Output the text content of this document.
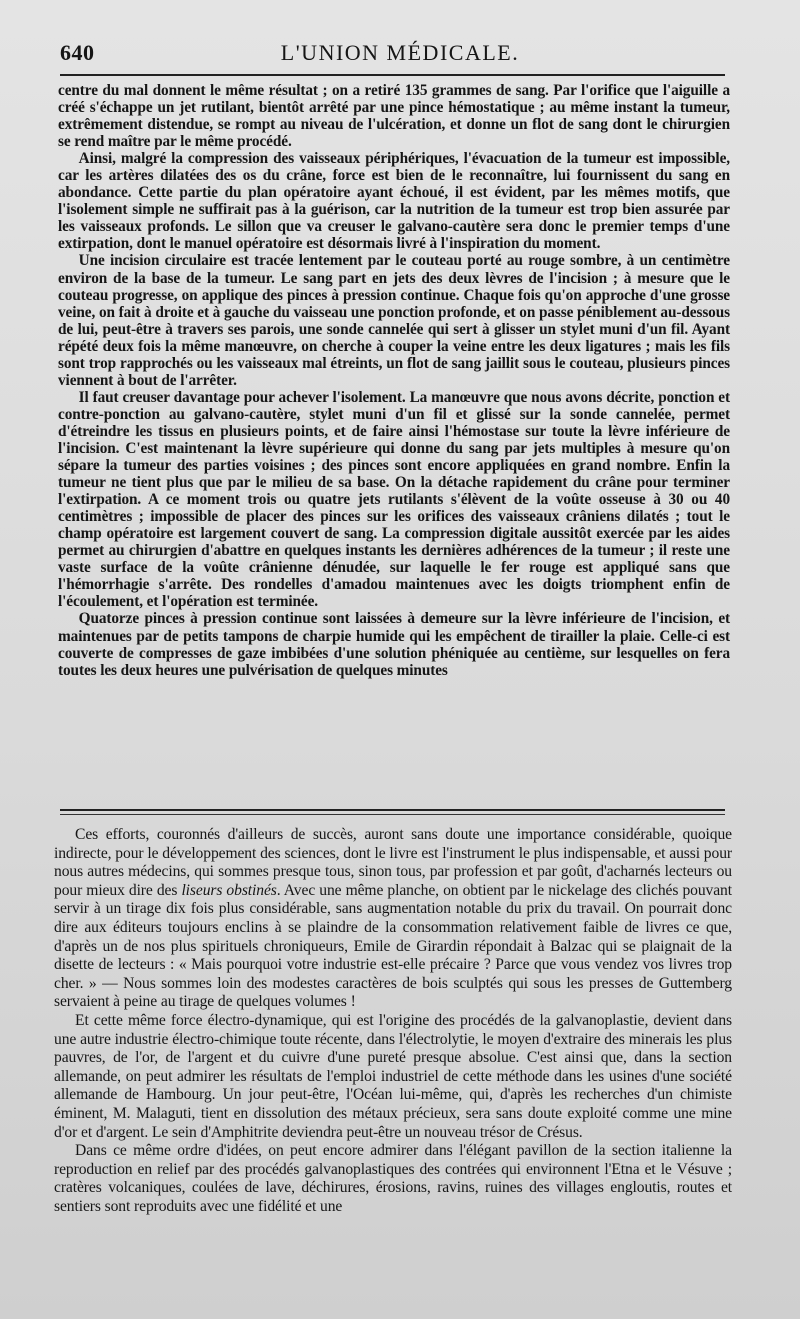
640	L'UNION MÉDICALE.

centre du mal donnent le même résultat ; on a retiré 135 grammes de sang. Par l'orifice que l'aiguille a créé s'échappe un jet rutilant, bientôt arrêté par une pince hémostatique ; au même instant la tumeur, extrêmement distendue, se rompt au niveau de l'ulcération, et donne un flot de sang dont le chirurgien se rend maître par le même procédé.

Ainsi, malgré la compression des vaisseaux périphériques, l'évacuation de la tumeur est impossible, car les artères dilatées des os du crâne, force est bien de le reconnaître, lui fournissent du sang en abondance. Cette partie du plan opératoire ayant échoué, il est évident, par les mêmes motifs, que l'isolement simple ne suffirait pas à la guérison, car la nutrition de la tumeur est trop bien assurée par les vaisseaux profonds. Le sillon que va creuser le galvano-cautère sera donc le premier temps d'une extirpation, dont le manuel opératoire est désormais livré à l'inspiration du moment.

Une incision circulaire est tracée lentement par le couteau porté au rouge sombre, à un centimètre environ de la base de la tumeur. Le sang part en jets des deux lèvres de l'incision ; à mesure que le couteau progresse, on applique des pinces à pression continue. Chaque fois qu'on approche d'une grosse veine, on fait à droite et à gauche du vaisseau une ponction profonde, et on passe péniblement au-dessous de lui, peut-être à travers ses parois, une sonde cannelée qui sert à glisser un stylet muni d'un fil. Ayant répété deux fois la même manœuvre, on cherche à couper la veine entre les deux ligatures ; mais les fils sont trop rapprochés ou les vaisseaux mal étreints, un flot de sang jaillit sous le couteau, plusieurs pinces viennent à bout de l'arrêter.

Il faut creuser davantage pour achever l'isolement. La manœuvre que nous avons décrite, ponction et contre-ponction au galvano-cautère, stylet muni d'un fil et glissé sur la sonde cannelée, permet d'étreindre les tissus en plusieurs points, et de faire ainsi l'hémostase sur toute la lèvre inférieure de l'incision. C'est maintenant la lèvre supérieure qui donne du sang par jets multiples à mesure qu'on sépare la tumeur des parties voisines ; des pinces sont encore appliquées en grand nombre. Enfin la tumeur ne tient plus que par le milieu de sa base. On la détache rapidement du crâne pour terminer l'extirpation. A ce moment trois ou quatre jets rutilants s'élèvent de la voûte osseuse à 30 ou 40 centimètres ; impossible de placer des pinces sur les orifices des vaisseaux crâniens dilatés ; tout le champ opératoire est largement couvert de sang. La compression digitale aussitôt exercée par les aides permet au chirurgien d'abattre en quelques instants les dernières adhérences de la tumeur ; il reste une vaste surface de la voûte crânienne dénudée, sur laquelle le fer rouge est appliqué sans que l'hémorrhagie s'arrête. Des rondelles d'amadou maintenues avec les doigts triomphent enfin de l'écoulement, et l'opération est terminée.

Quatorze pinces à pression continue sont laissées à demeure sur la lèvre inférieure de l'incision, et maintenues par de petits tampons de charpie humide qui les empêchent de tirailler la plaie. Celle-ci est couverte de compresses de gaze imbibées d'une solution phéniquée au centième, sur lesquelles on fera toutes les deux heures une pulvérisation de quelques minutes

Ces efforts, couronnés d'ailleurs de succès, auront sans doute une importance considérable, quoique indirecte, pour le développement des sciences, dont le livre est l'instrument le plus indispensable, et aussi pour nous autres médecins, qui sommes presque tous, sinon tous, par profession et par goût, d'acharnés lecteurs ou pour mieux dire des liseurs obstinés. Avec une même planche, on obtient par le nickelage des clichés pouvant servir à un tirage dix fois plus considérable, sans augmentation notable du prix du travail. On pourrait donc dire aux éditeurs toujours enclins à se plaindre de la consommation relativement faible de livres ce que, d'après un de nos plus spirituels chroniqueurs, Emile de Girardin répondait à Balzac qui se plaignait de la disette de lecteurs : « Mais pourquoi votre industrie est-elle précaire ? Parce que vous vendez vos livres trop cher. » — Nous sommes loin des modestes caractères de bois sculptés qui sous les presses de Guttemberg servaient à peine au tirage de quelques volumes !

Et cette même force électro-dynamique, qui est l'origine des procédés de la galvanoplastie, devient dans une autre industrie électro-chimique toute récente, dans l'électrolytie, le moyen d'extraire des minerais les plus pauvres, de l'or, de l'argent et du cuivre d'une pureté presque absolue. C'est ainsi que, dans la section allemande, on peut admirer les résultats de l'emploi industriel de cette méthode dans les usines d'une société allemande de Hambourg. Un jour peut-être, l'Océan lui-même, qui, d'après les recherches d'un chimiste éminent, M. Malaguti, tient en dissolution des métaux précieux, sera sans doute exploité comme une mine d'or et d'argent. Le sein d'Amphitrite deviendra peut-être un nouveau trésor de Crésus.

Dans ce même ordre d'idées, on peut encore admirer dans l'élégant pavillon de la section italienne la reproduction en relief par des procédés galvanoplastiques des contrées qui environnent l'Etna et le Vésuve ; cratères volcaniques, coulées de lave, déchirures, érosions, ravins, ruines des villages engloutis, routes et sentiers sont reproduits avec une fidélité et une
